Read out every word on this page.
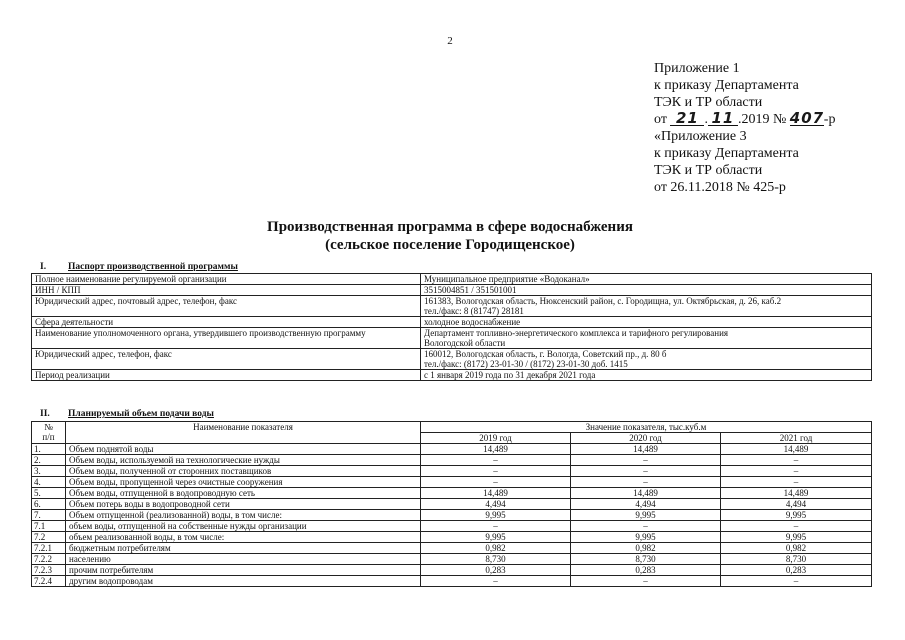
2
Приложение 1
к приказу Департамента
ТЭК и ТР области
от 21 . 11 .2019 № 407-р
«Приложение 3
к приказу Департамента
ТЭК и ТР области
от 26.11.2018 № 425-р
Производственная программа в сфере водоснабжения
(сельское поселение Городищенское)
I. Паспорт производственной программы
Полное наименование регулируемой организации	Муниципальное предприятие «Водоканал»
ИНН / КПП	3515004851 / 351501001
Юридический адрес, почтовый адрес, телефон, факс	161383, Вологодская область, Нюксенский район, с. Городищна, ул. Октябрьская, д. 26, каб.2
тел./факс: 8 (81747) 28181

Сфера деятельности	холодное водоснабжение
Наименование уполномоченного органа, утвердившего производственную программу	Департамент топливно-энергетического комплекса и тарифного регулирования
Вологодской области

Юридический адрес, телефон, факс	160012, Вологодская область, г. Вологда, Советский пр., д. 80 б
тел./факс: (8172) 23-01-30 / (8172) 23-01-30 доб. 1415

Период реализации	с 1 января 2019 года по 31 декабря 2021 года
II. Планируемый объем подачи воды
№
п/п	Наименование показателя	Значение показателя, тыс.куб.м		
		2019 год	2020 год	2021 год
1.	Объем поднятой воды	14,489	14,489	14,489
2.	Объем воды, используемой на технологические нужды	–	–	–
3.	Объем воды, полученной от сторонних поставщиков	–	–	–
4.	Объем воды, пропущенной через очистные сооружения	–	–	–
5.	Объем воды, отпущенной в водопроводную сеть	14,489	14,489	14,489
6.	Объем потерь воды в водопроводной сети	4,494	4,494	4,494
7.	Объем отпущенной (реализованной) воды, в том числе:	9,995	9,995	9,995
7.1	объем воды, отпущенной на собственные нужды организации	–	–	–
7.2	объем реализованной воды, в том числе:	9,995	9,995	9,995
7.2.1	бюджетным потребителям	0,982	0,982	0,982
7.2.2	населению	8,730	8,730	8,730
7.2.3	прочим потребителям	0,283	0,283	0,283
7.2.4	другим водопроводам	–	–	–
